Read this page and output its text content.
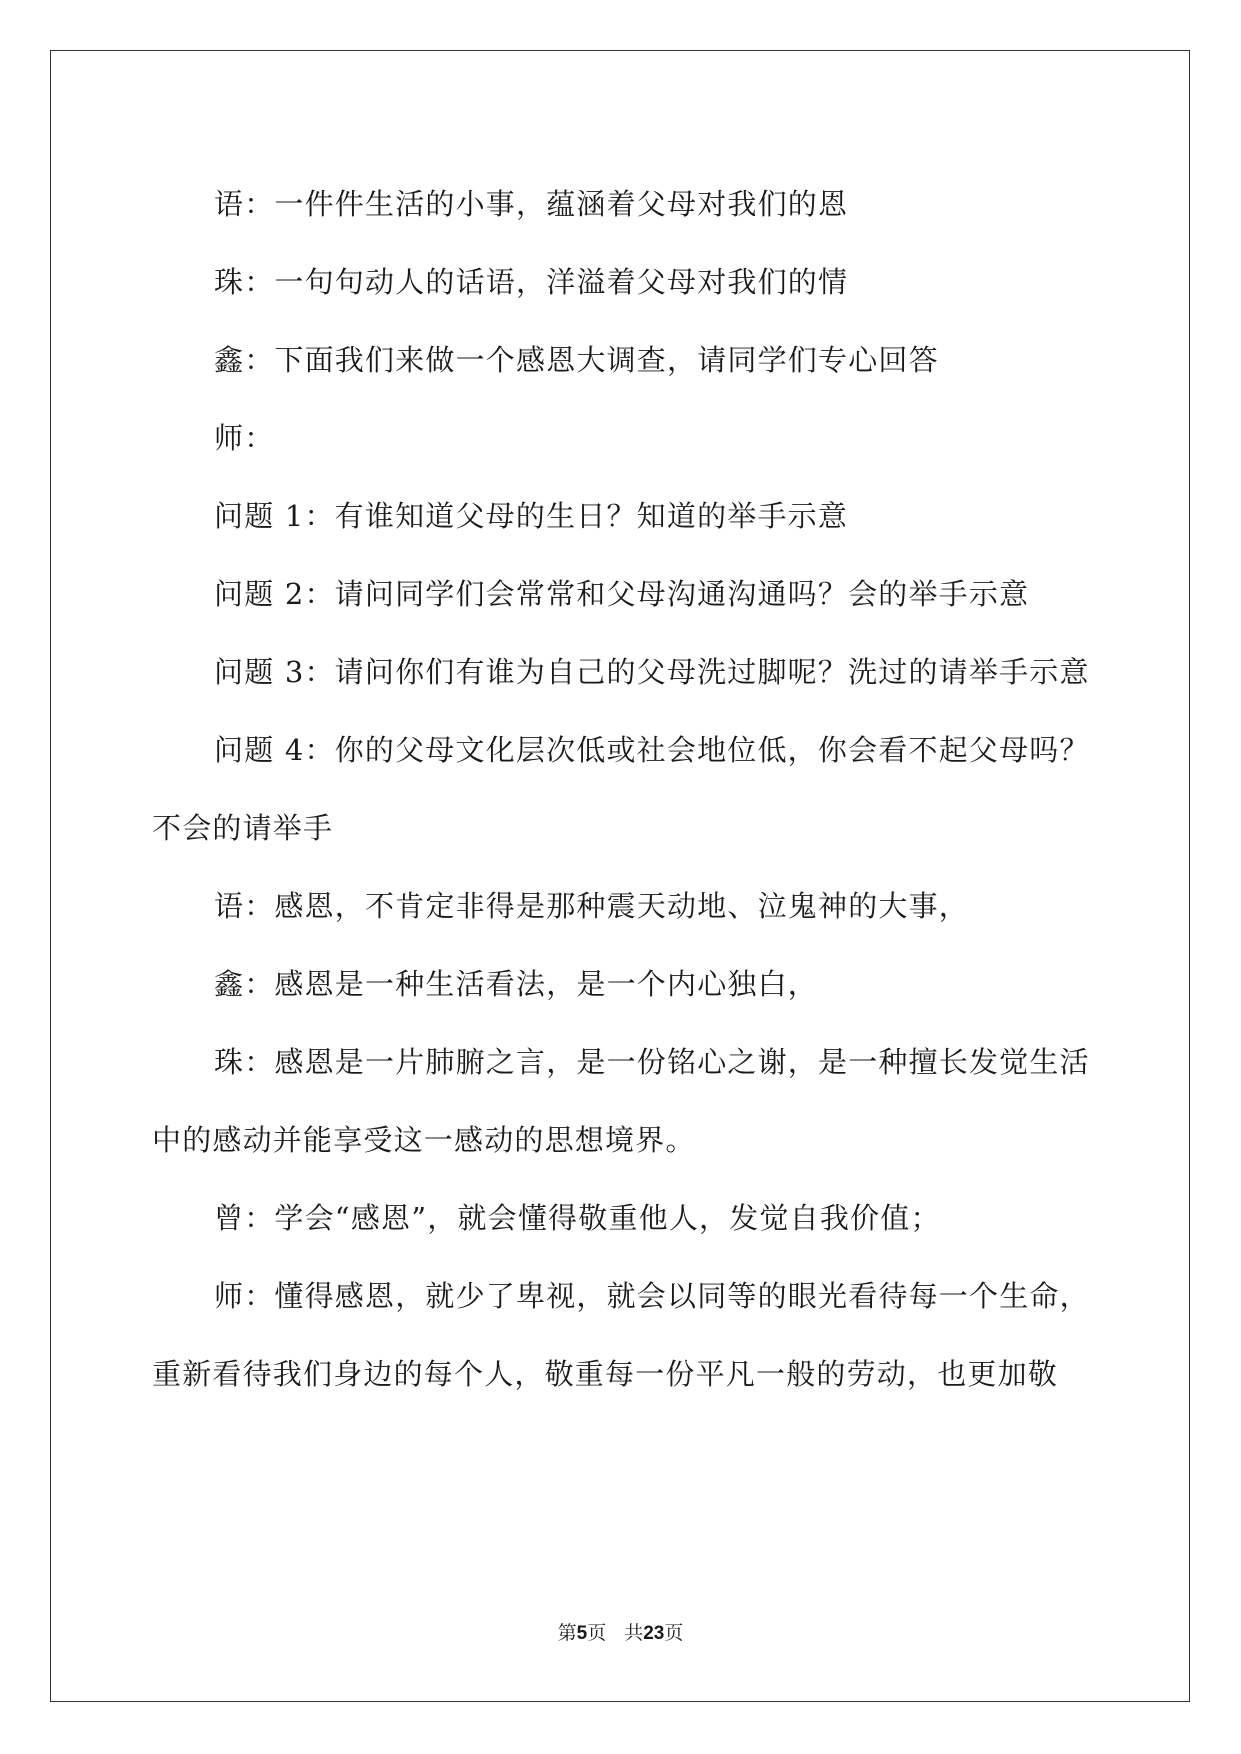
语：一件件生活的小事，蕴涵着父母对我们的恩

珠：一句句动人的话语，洋溢着父母对我们的情

鑫：下面我们来做一个感恩大调查，请同学们专心回答

师：

问题 1：有谁知道父母的生日？知道的举手示意

问题 2：请问同学们会常常和父母沟通沟通吗？会的举手示意

问题 3：请问你们有谁为自己的父母洗过脚呢？洗过的请举手示意

问题 4：你的父母文化层次低或社会地位低，你会看不起父母吗？不会的请举手

语：感恩，不肯定非得是那种震天动地、泣鬼神的大事，

鑫：感恩是一种生活看法，是一个内心独白，

珠：感恩是一片肺腑之言，是一份铭心之谢，是一种擅长发觉生活中的感动并能享受这一感动的思想境界。

曾：学会“感恩”，就会懂得敬重他人，发觉自我价值；

师：懂得感恩，就少了卑视，就会以同等的眼光看待每一个生命，重新看待我们身边的每个人，敬重每一份平凡一般的劳动，也更加敬

第5页 共23页
